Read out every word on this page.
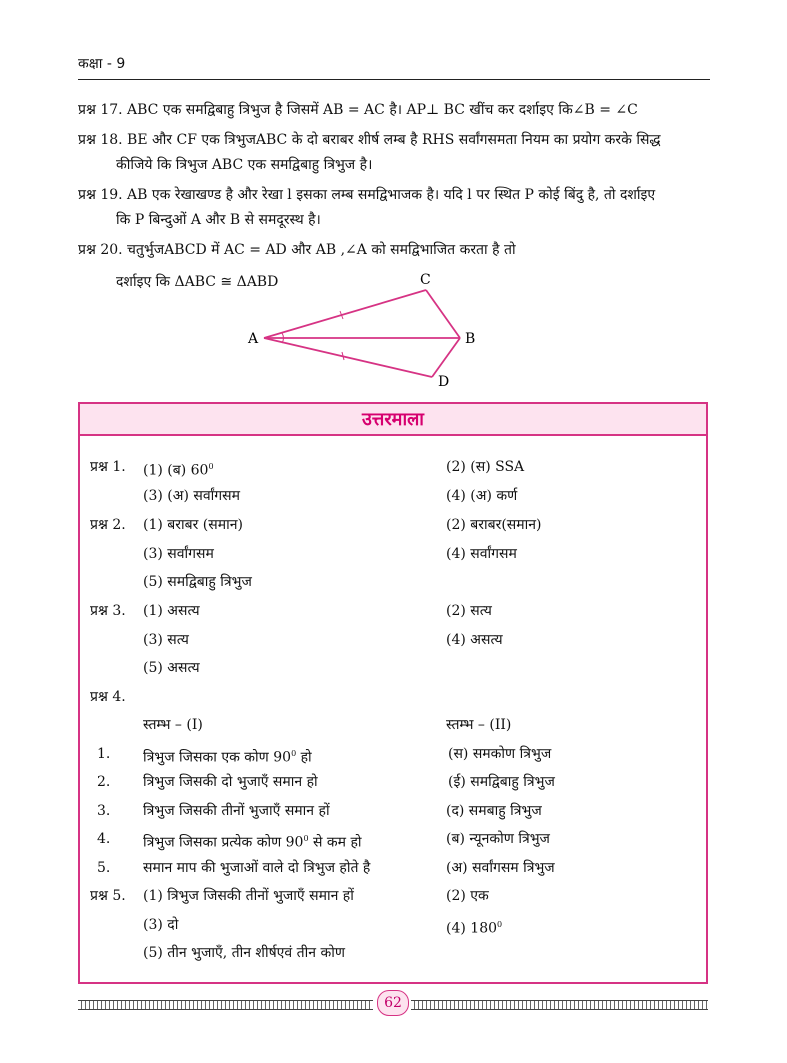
कक्षा - 9
प्रश्न 17. ABC एक समद्विबाहु त्रिभुज है जिसमें AB = AC है। AP⊥ BC खींच कर दर्शाइए कि∠B = ∠C
प्रश्न 18. BE और CF एक त्रिभुजABC के दो बराबर शीर्ष लम्ब है RHS सर्वांगसमता नियम का प्रयोग करके सिद्ध
कीजिये कि त्रिभुज ABC एक समद्विबाहु त्रिभुज है।
प्रश्न 19. AB एक रेखाखण्ड है और रेखा l इसका लम्ब समद्विभाजक है। यदि l पर स्थित P कोई बिंदु है, तो दर्शाइए
कि P बिन्दुओं A और B से समदूरस्थ है।
प्रश्न 20. चतुर्भुजABCD में AC = AD और AB ,∠A को समद्विभाजित करता है तो
दर्शाइए कि ΔABC ≅ ΔABD
A
C
B
D
उत्तरमाला
प्रश्न 1. (1) (ब) $60^0$	(2) (स) SSA
(3) (अ) सर्वांगसम	(4) (अ) कर्ण
प्रश्न 2. (1) बराबर (समान)	(2) बराबर(समान)
(3) सर्वांगसम	(4) सर्वांगसम
(5) समद्विबाहु त्रिभुज
प्रश्न 3. (1) असत्य	(2) सत्य
(3) सत्य	(4) असत्य
(5) असत्य
प्रश्न 4.
स्तम्भ – (I)	स्तम्भ – (II)
1. त्रिभुज जिसका एक कोण $90^0$ हो	(स) समकोण त्रिभुज
2. त्रिभुज जिसकी दो भुजाएँ समान हो	(ई) समद्विबाहु त्रिभुज
3. त्रिभुज जिसकी तीनों भुजाएँ समान हों	(द) समबाहु त्रिभुज
4. त्रिभुज जिसका प्रत्येक कोण $90^0$ से कम हो	(ब) न्यूनकोण त्रिभुज
5. समान माप की भुजाओं वाले दो त्रिभुज होते है	(अ) सर्वांगसम त्रिभुज
प्रश्न 5. (1) त्रिभुज जिसकी तीनों भुजाएँ समान हों	(2) एक
(3) दो	(4) $180^0$
(5) तीन भुजाएँ, तीन शीर्षएवं तीन कोण
62
